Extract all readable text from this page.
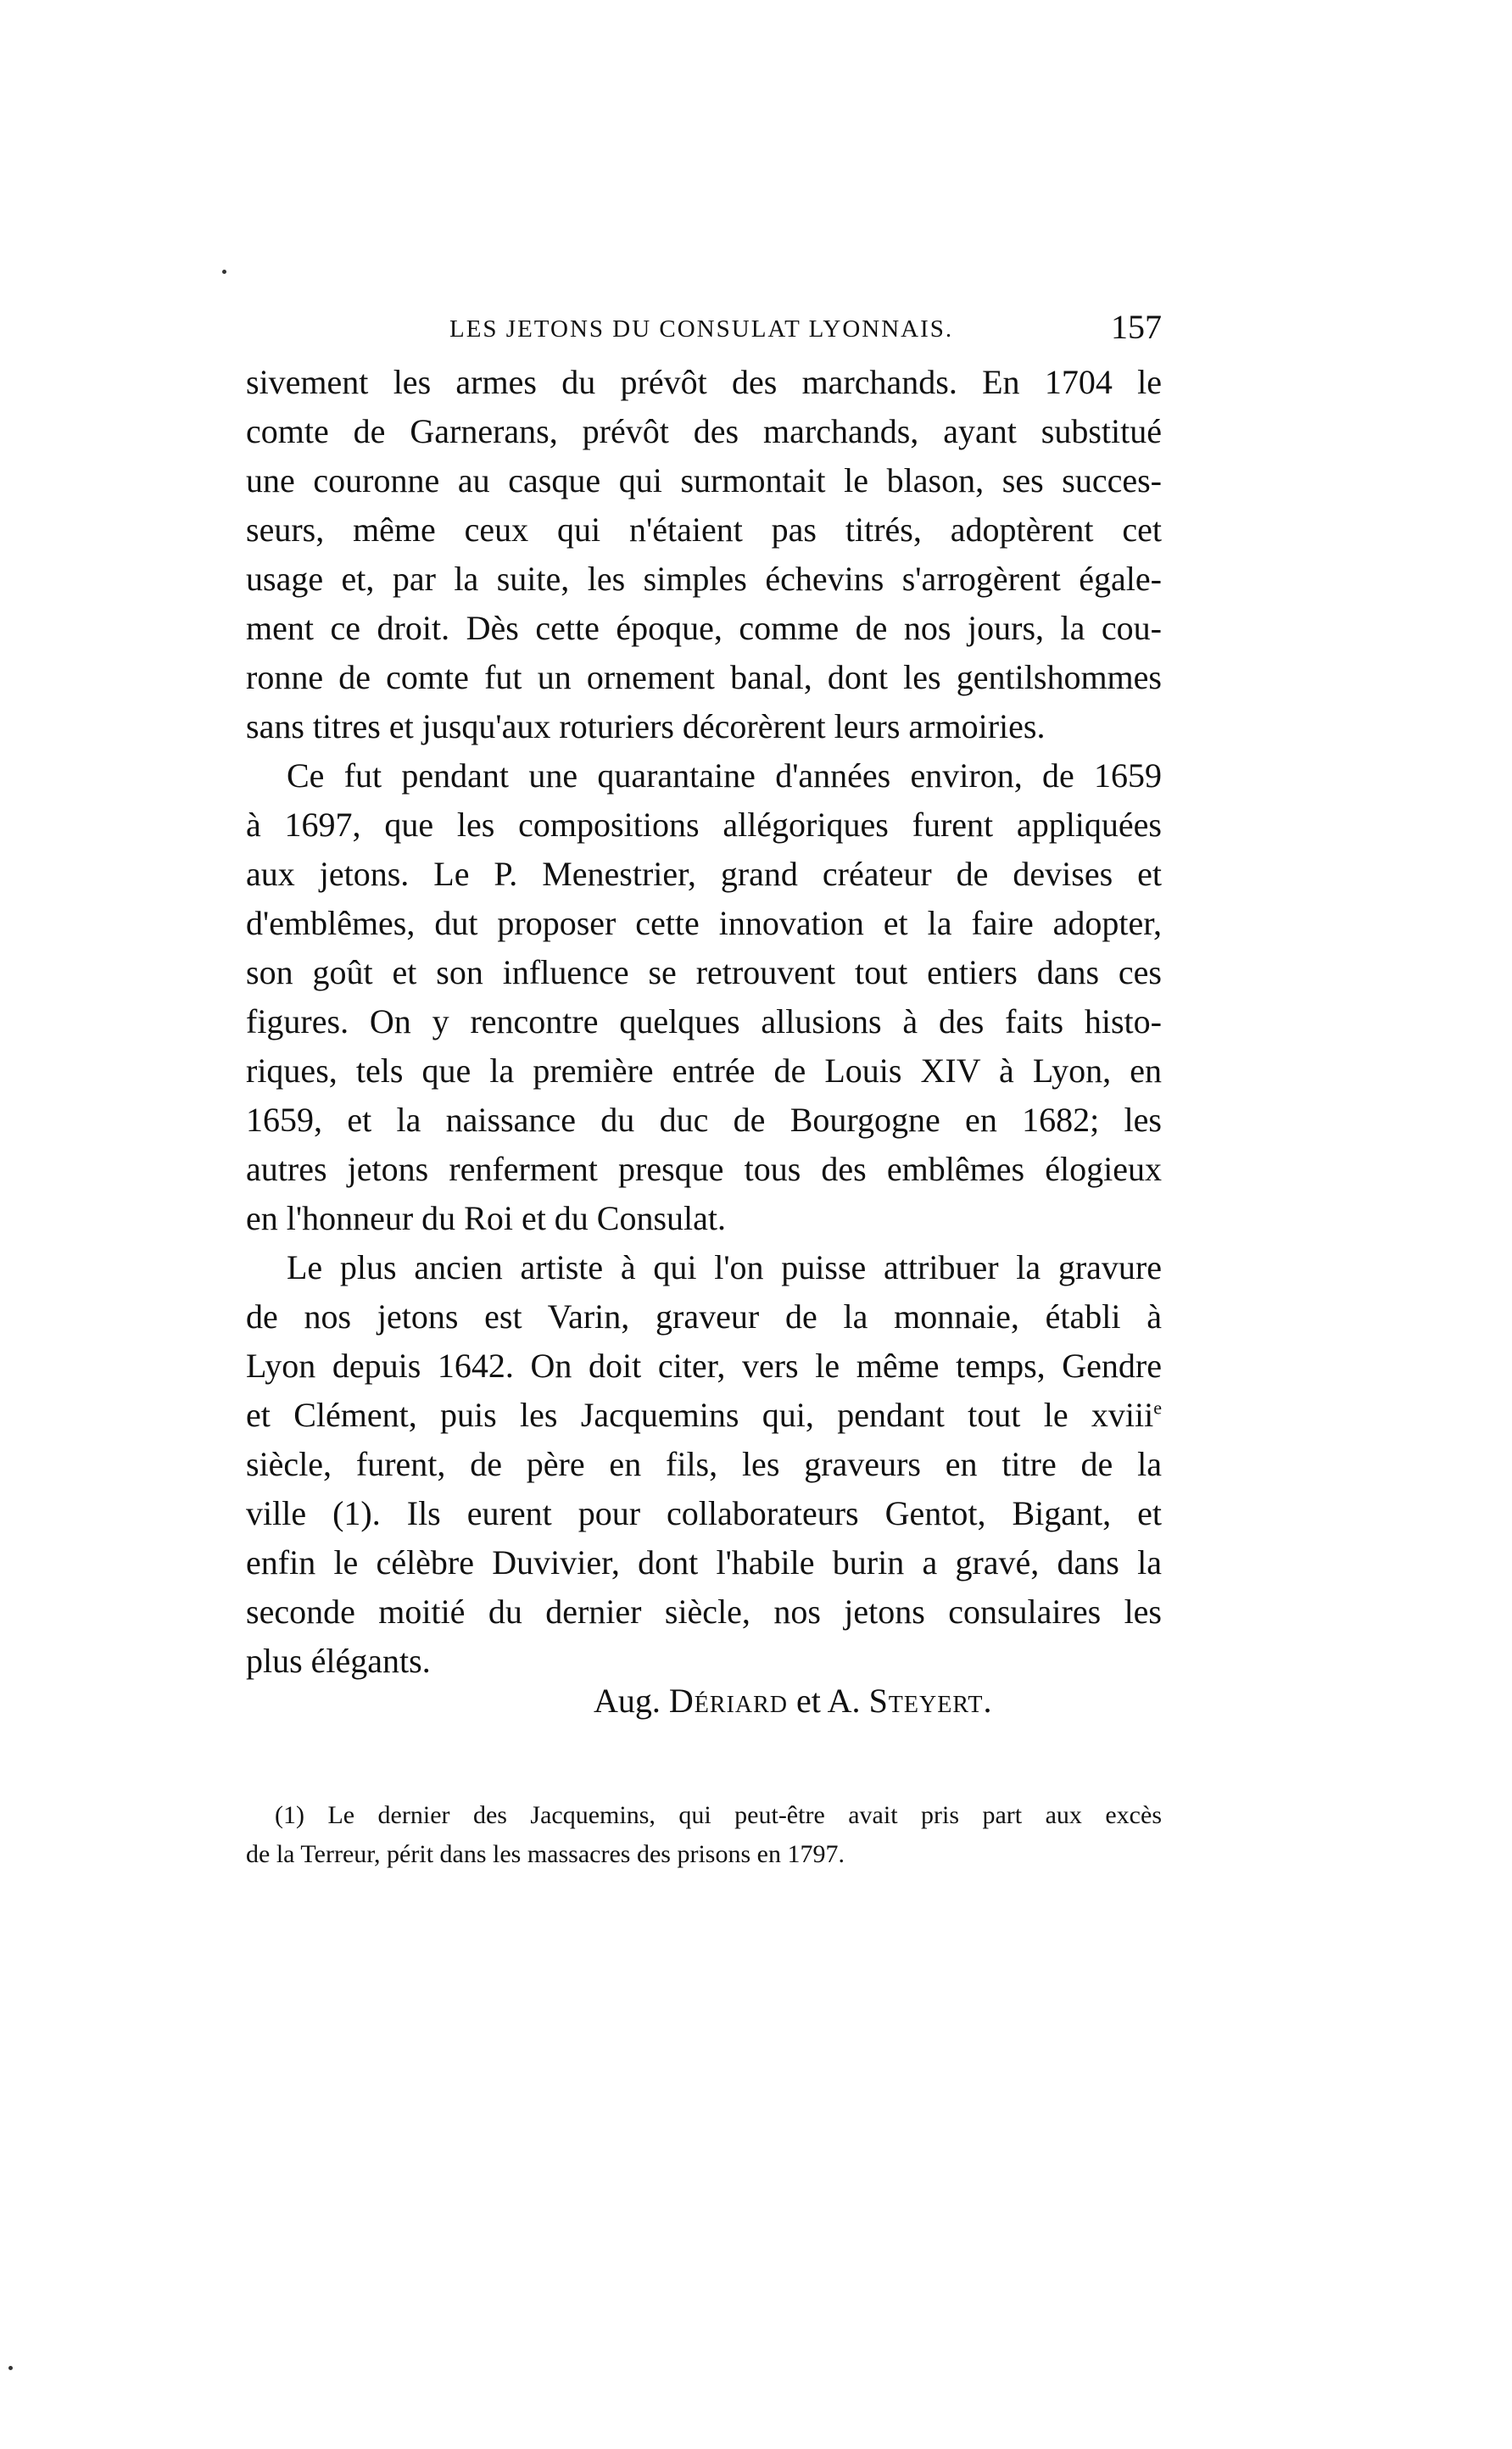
LES JETONS DU CONSULAT LYONNAIS.	157
sivement les armes du prévôt des marchands. En 1704 le
comte de Garnerans, prévôt des marchands, ayant substitué
une couronne au casque qui surmontait le blason, ses succes-
seurs, même ceux qui n'étaient pas titrés, adoptèrent cet
usage et, par la suite, les simples échevins s'arrogèrent égale-
ment ce droit. Dès cette époque, comme de nos jours, la cou-
ronne de comte fut un ornement banal, dont les gentilshommes
sans titres et jusqu'aux roturiers décorèrent leurs armoiries.
Ce fut pendant une quarantaine d'années environ, de 1659
à 1697, que les compositions allégoriques furent appliquées
aux jetons. Le P. Menestrier, grand créateur de devises et
d'emblêmes, dut proposer cette innovation et la faire adopter,
son goût et son influence se retrouvent tout entiers dans ces
figures. On y rencontre quelques allusions à des faits histo-
riques, tels que la première entrée de Louis XIV à Lyon, en
1659, et la naissance du duc de Bourgogne en 1682; les
autres jetons renferment presque tous des emblêmes élogieux
en l'honneur du Roi et du Consulat.
Le plus ancien artiste à qui l'on puisse attribuer la gravure
de nos jetons est Varin, graveur de la monnaie, établi à
Lyon depuis 1642. On doit citer, vers le même temps, Gendre
et Clément, puis les Jacquemins qui, pendant tout le xviii$^e$
siècle, furent, de père en fils, les graveurs en titre de la
ville (1). Ils eurent pour collaborateurs Gentot, Bigant, et
enfin le célèbre Duvivier, dont l'habile burin a gravé, dans la
seconde moitié du dernier siècle, nos jetons consulaires les
plus élégants.
Aug. Dériard et A. Steyert.
(1) Le dernier des Jacquemins, qui peut-être avait pris part aux excès
de la Terreur, périt dans les massacres des prisons en 1797.
